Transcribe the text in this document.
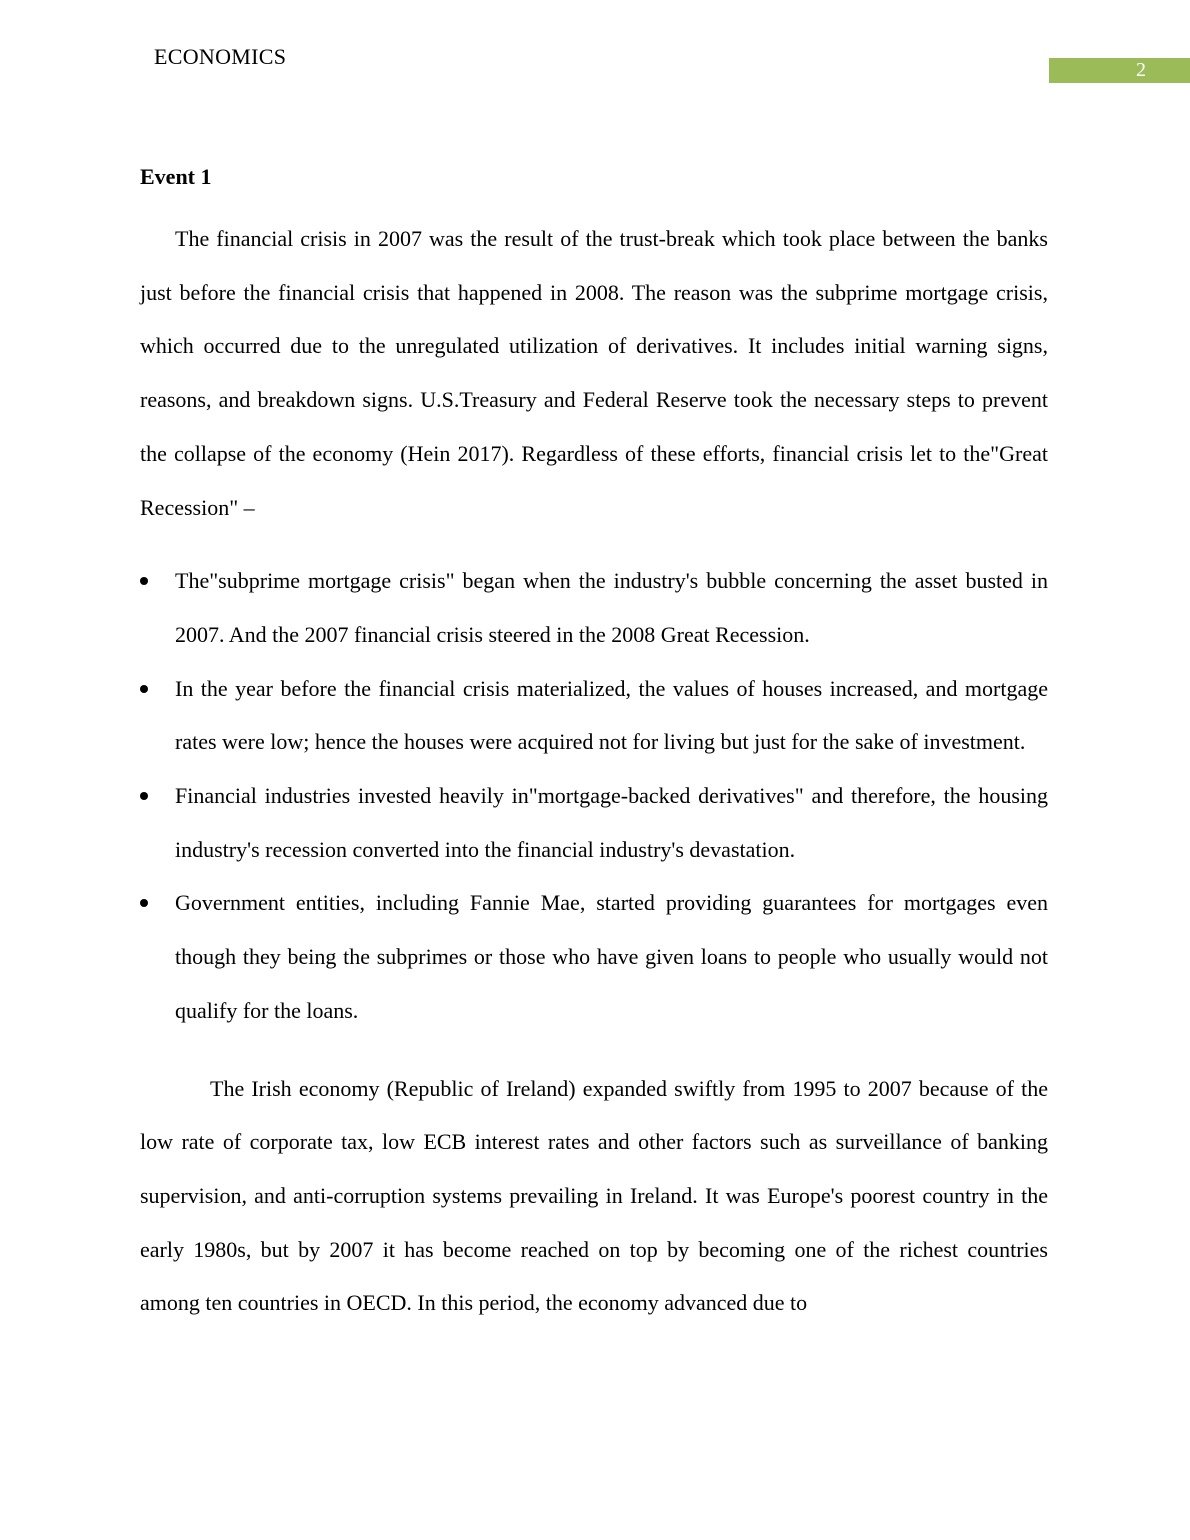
ECONOMICS
2
Event 1

The financial crisis in 2007 was the result of the trust-break which took place between the banks just before the financial crisis that happened in 2008. The reason was the subprime mortgage crisis, which occurred due to the unregulated utilization of derivatives. It includes initial warning signs, reasons, and breakdown signs. U.S.Treasury and Federal Reserve took the necessary steps to prevent the collapse of the economy (Hein 2017). Regardless of these efforts, financial crisis let to the"Great Recession" –

The"subprime mortgage crisis" began when the industry's bubble concerning the asset busted in 2007. And the 2007 financial crisis steered in the 2008 Great Recession.
In the year before the financial crisis materialized, the values of houses increased, and mortgage rates were low; hence the houses were acquired not for living but just for the sake of investment.
Financial industries invested heavily in"mortgage-backed derivatives" and therefore, the housing industry's recession converted into the financial industry's devastation.
Government entities, including Fannie Mae, started providing guarantees for mortgages even though they being the subprimes or those who have given loans to people who usually would not qualify for the loans.

The Irish economy (Republic of Ireland) expanded swiftly from 1995 to 2007 because of the low rate of corporate tax, low ECB interest rates and other factors such as surveillance of banking supervision, and anti-corruption systems prevailing in Ireland. It was Europe's poorest country in the early 1980s, but by 2007 it has become reached on top by becoming one of the richest countries among ten countries in OECD. In this period, the economy advanced due to
